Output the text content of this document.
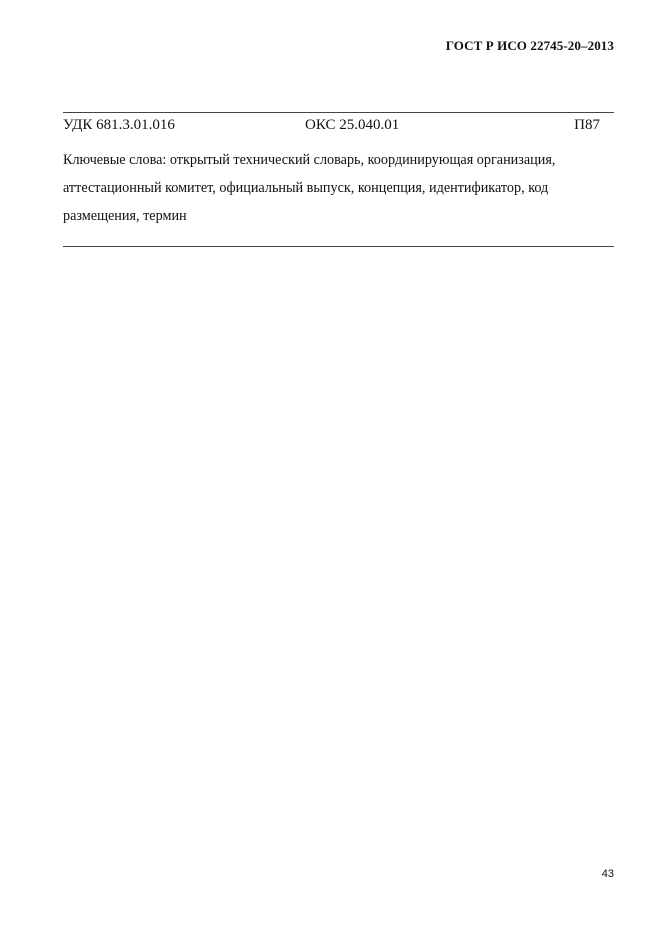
ГОСТ Р ИСО 22745-20–2013
УДК 681.3.01.016	ОКС 25.040.01	П87
Ключевые слова: открытый технический словарь, координирующая организация, аттестационный комитет, официальный выпуск, концепция, идентификатор, код размещения, термин
43
